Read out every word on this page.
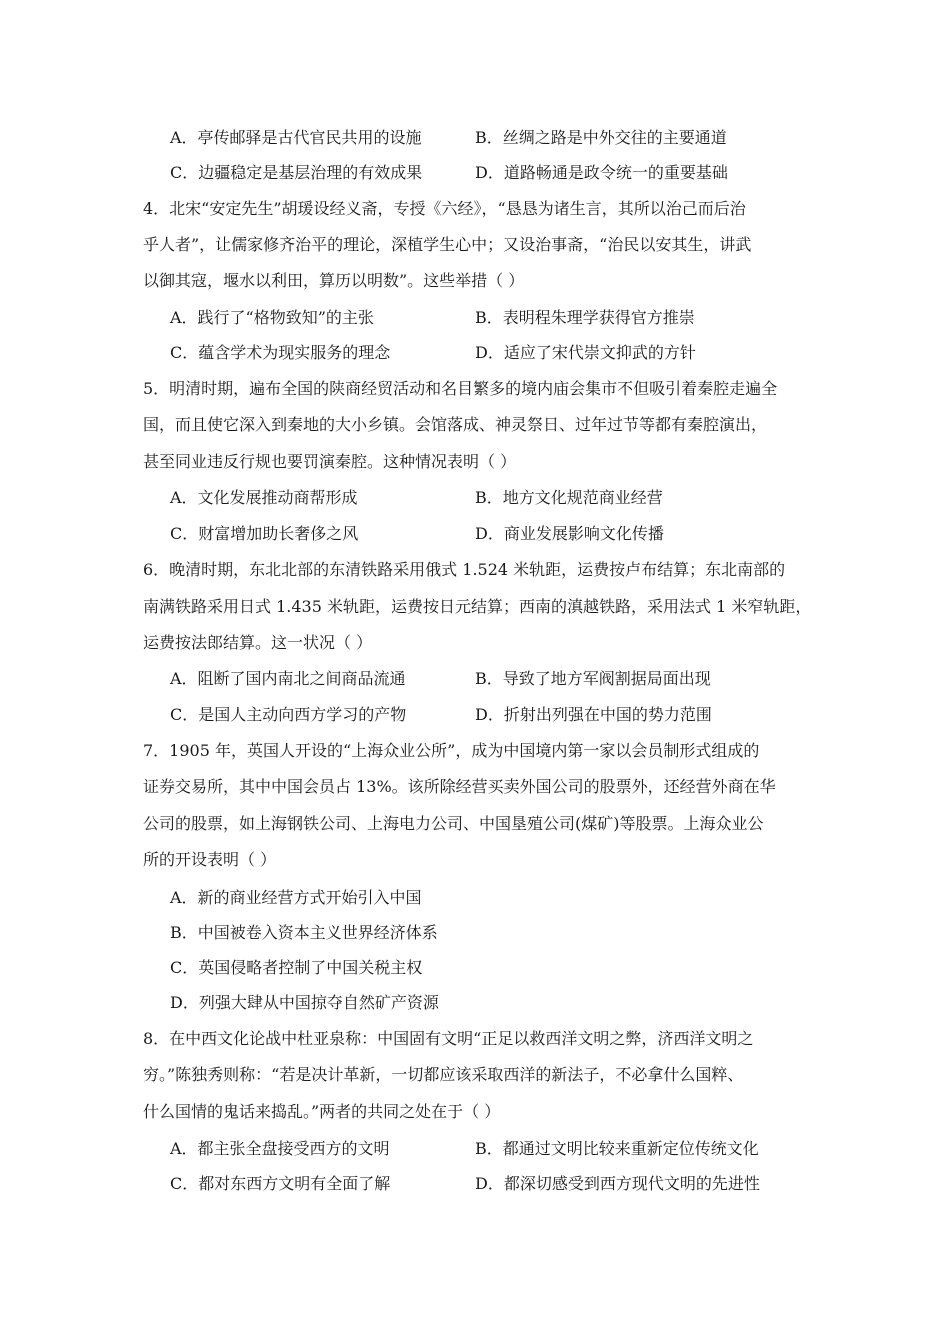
A．亭传邮驿是古代官民共用的设施	B．丝绸之路是中外交往的主要通道
C．边疆稳定是基层治理的有效成果	D．道路畅通是政令统一的重要基础
4．北宋“安定先生”胡瑗设经义斋，专授《六经》，“恳恳为诸生言，其所以治己而后治
乎人者”，让儒家修齐治平的理论，深植学生心中；又设治事斋，“治民以安其生，讲武
以御其寇，堰水以利田，算历以明数”。这些举措（ ）
A．践行了“格物致知”的主张	B．表明程朱理学获得官方推崇
C．蕴含学术为现实服务的理念	D．适应了宋代崇文抑武的方针
5．明清时期，遍布全国的陕商经贸活动和名目繁多的境内庙会集市不但吸引着秦腔走遍全
国，而且使它深入到秦地的大小乡镇。会馆落成、神灵祭日、过年过节等都有秦腔演出，
甚至同业违反行规也要罚演秦腔。这种情况表明（ ）
A．文化发展推动商帮形成	B．地方文化规范商业经营
C．财富增加助长奢侈之风	D．商业发展影响文化传播
6．晚清时期，东北北部的东清铁路采用俄式 1.524 米轨距，运费按卢布结算；东北南部的
南满铁路采用日式 1.435 米轨距，运费按日元结算；西南的滇越铁路，采用法式 1 米窄轨距，
运费按法郎结算。这一状况（ ）
A．阻断了国内南北之间商品流通	B．导致了地方军阀割据局面出现
C．是国人主动向西方学习的产物	D．折射出列强在中国的势力范围
7．1905 年，英国人开设的“上海众业公所”，成为中国境内第一家以会员制形式组成的
证券交易所，其中中国会员占 13%。该所除经营买卖外国公司的股票外，还经营外商在华
公司的股票，如上海钢铁公司、上海电力公司、中国垦殖公司(煤矿)等股票。上海众业公
所的开设表明（ ）
A．新的商业经营方式开始引入中国
B．中国被卷入资本主义世界经济体系
C．英国侵略者控制了中国关税主权
D．列强大肆从中国掠夺自然矿产资源
8．在中西文化论战中杜亚泉称：中国固有文明“正足以救西洋文明之弊，济西洋文明之
穷。”陈独秀则称：“若是决计革新，一切都应该采取西洋的新法子，不必拿什么国粹、
什么国情的鬼话来捣乱。”两者的共同之处在于（ ）
A．都主张全盘接受西方的文明	B．都通过文明比较来重新定位传统文化
C．都对东西方文明有全面了解	D．都深切感受到西方现代文明的先进性
